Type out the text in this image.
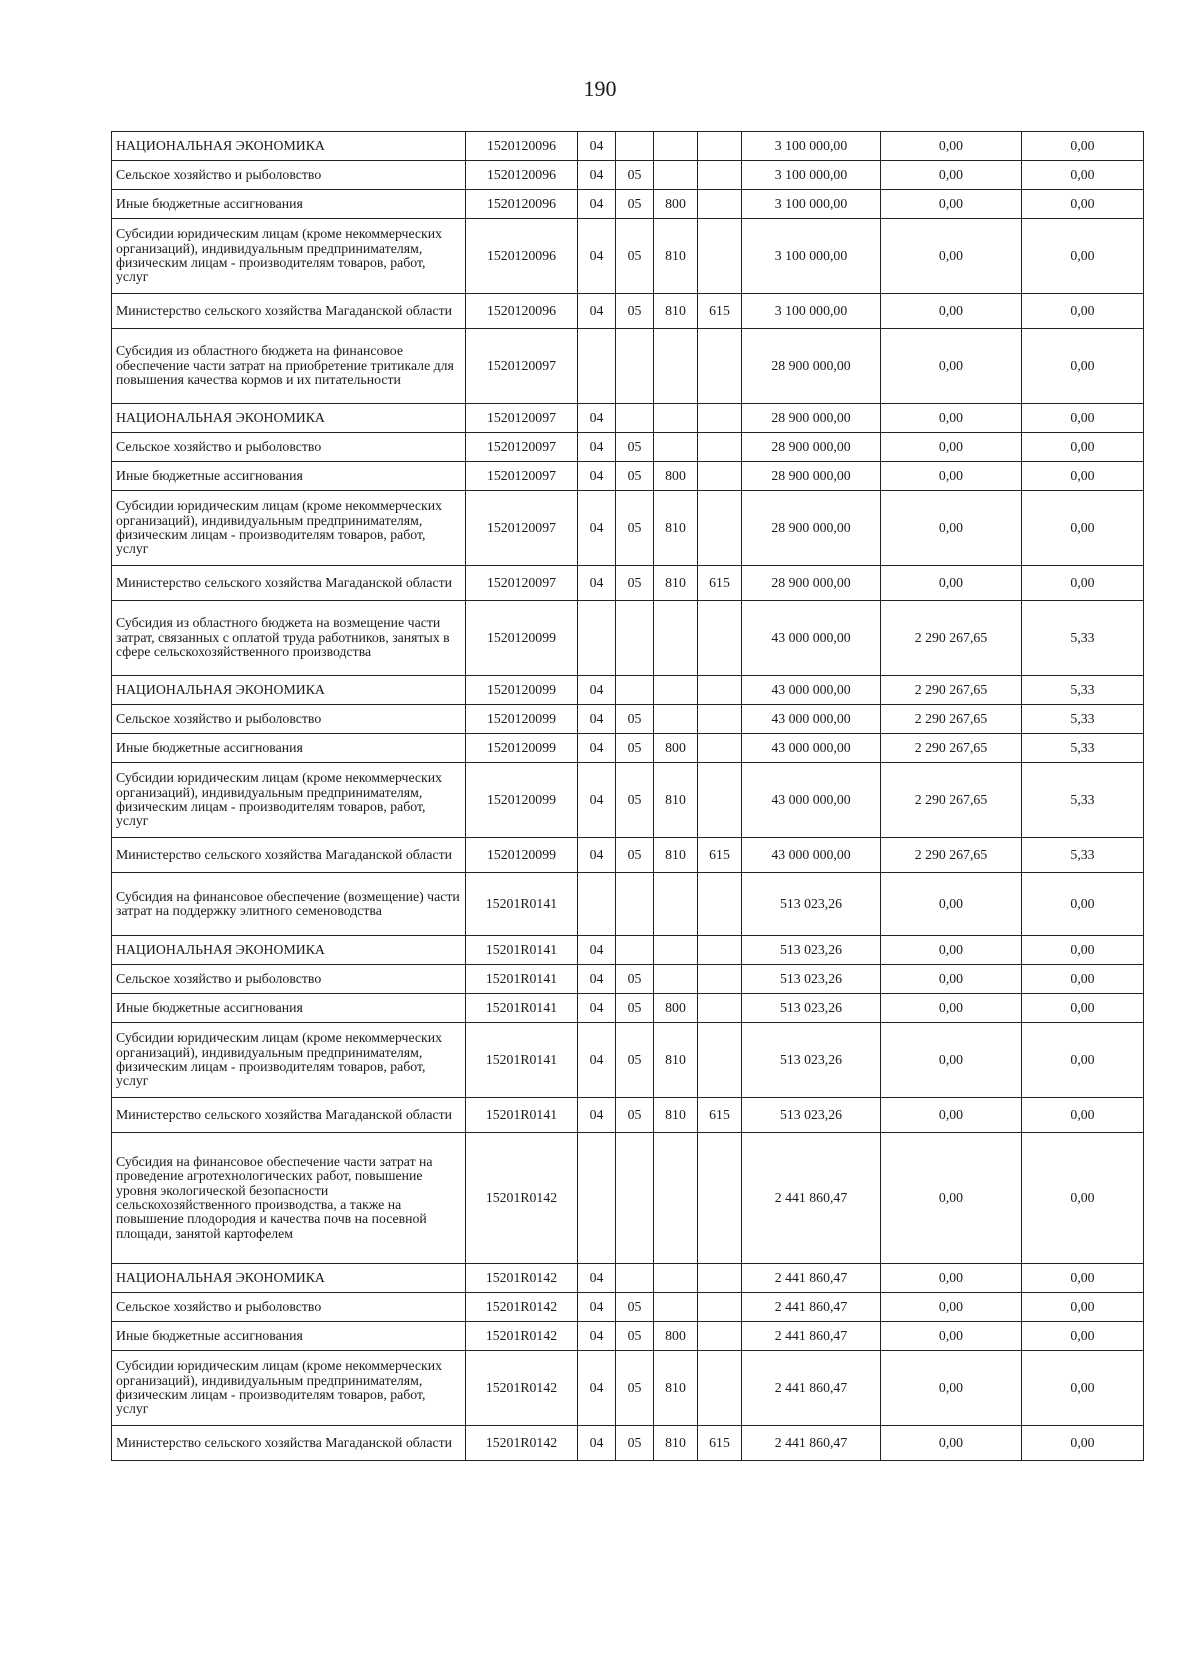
190
НАЦИОНАЛЬНАЯ ЭКОНОМИКА	1520120096	04				3 100 000,00	0,00	0,00
Сельское хозяйство и рыболовство	1520120096	04	05			3 100 000,00	0,00	0,00
Иные бюджетные ассигнования	1520120096	04	05	800		3 100 000,00	0,00	0,00
Субсидии юридическим лицам (кроме некоммерческих организаций), индивидуальным предпринимателям, физическим лицам - производителям товаров, работ, услуг	1520120096	04	05	810		3 100 000,00	0,00	0,00
Министерство сельского хозяйства Магаданской области	1520120096	04	05	810	615	3 100 000,00	0,00	0,00
Субсидия из областного бюджета на финансовое обеспечение части затрат на приобретение тритикале для повышения качества кормов и их питательности	1520120097					28 900 000,00	0,00	0,00
НАЦИОНАЛЬНАЯ ЭКОНОМИКА	1520120097	04				28 900 000,00	0,00	0,00
Сельское хозяйство и рыболовство	1520120097	04	05			28 900 000,00	0,00	0,00
Иные бюджетные ассигнования	1520120097	04	05	800		28 900 000,00	0,00	0,00
Субсидии юридическим лицам (кроме некоммерческих организаций), индивидуальным предпринимателям, физическим лицам - производителям товаров, работ, услуг	1520120097	04	05	810		28 900 000,00	0,00	0,00
Министерство сельского хозяйства Магаданской области	1520120097	04	05	810	615	28 900 000,00	0,00	0,00
Субсидия из областного бюджета на возмещение части затрат, связанных с оплатой труда работников, занятых в сфере сельскохозяйственного производства	1520120099					43 000 000,00	2 290 267,65	5,33
НАЦИОНАЛЬНАЯ ЭКОНОМИКА	1520120099	04				43 000 000,00	2 290 267,65	5,33
Сельское хозяйство и рыболовство	1520120099	04	05			43 000 000,00	2 290 267,65	5,33
Иные бюджетные ассигнования	1520120099	04	05	800		43 000 000,00	2 290 267,65	5,33
Субсидии юридическим лицам (кроме некоммерческих организаций), индивидуальным предпринимателям, физическим лицам - производителям товаров, работ, услуг	1520120099	04	05	810		43 000 000,00	2 290 267,65	5,33
Министерство сельского хозяйства Магаданской области	1520120099	04	05	810	615	43 000 000,00	2 290 267,65	5,33
Субсидия на финансовое обеспечение (возмещение) части затрат на поддержку элитного семеноводства	15201R0141					513 023,26	0,00	0,00
НАЦИОНАЛЬНАЯ ЭКОНОМИКА	15201R0141	04				513 023,26	0,00	0,00
Сельское хозяйство и рыболовство	15201R0141	04	05			513 023,26	0,00	0,00
Иные бюджетные ассигнования	15201R0141	04	05	800		513 023,26	0,00	0,00
Субсидии юридическим лицам (кроме некоммерческих организаций), индивидуальным предпринимателям, физическим лицам - производителям товаров, работ, услуг	15201R0141	04	05	810		513 023,26	0,00	0,00
Министерство сельского хозяйства Магаданской области	15201R0141	04	05	810	615	513 023,26	0,00	0,00
Субсидия на финансовое обеспечение части затрат на проведение агротехнологических работ, повышение уровня экологической безопасности сельскохозяйственного производства, а также на повышение плодородия и качества почв на посевной площади, занятой картофелем	15201R0142					2 441 860,47	0,00	0,00
НАЦИОНАЛЬНАЯ ЭКОНОМИКА	15201R0142	04				2 441 860,47	0,00	0,00
Сельское хозяйство и рыболовство	15201R0142	04	05			2 441 860,47	0,00	0,00
Иные бюджетные ассигнования	15201R0142	04	05	800		2 441 860,47	0,00	0,00
Субсидии юридическим лицам (кроме некоммерческих организаций), индивидуальным предпринимателям, физическим лицам - производителям товаров, работ, услуг	15201R0142	04	05	810		2 441 860,47	0,00	0,00
Министерство сельского хозяйства Магаданской области	15201R0142	04	05	810	615	2 441 860,47	0,00	0,00
